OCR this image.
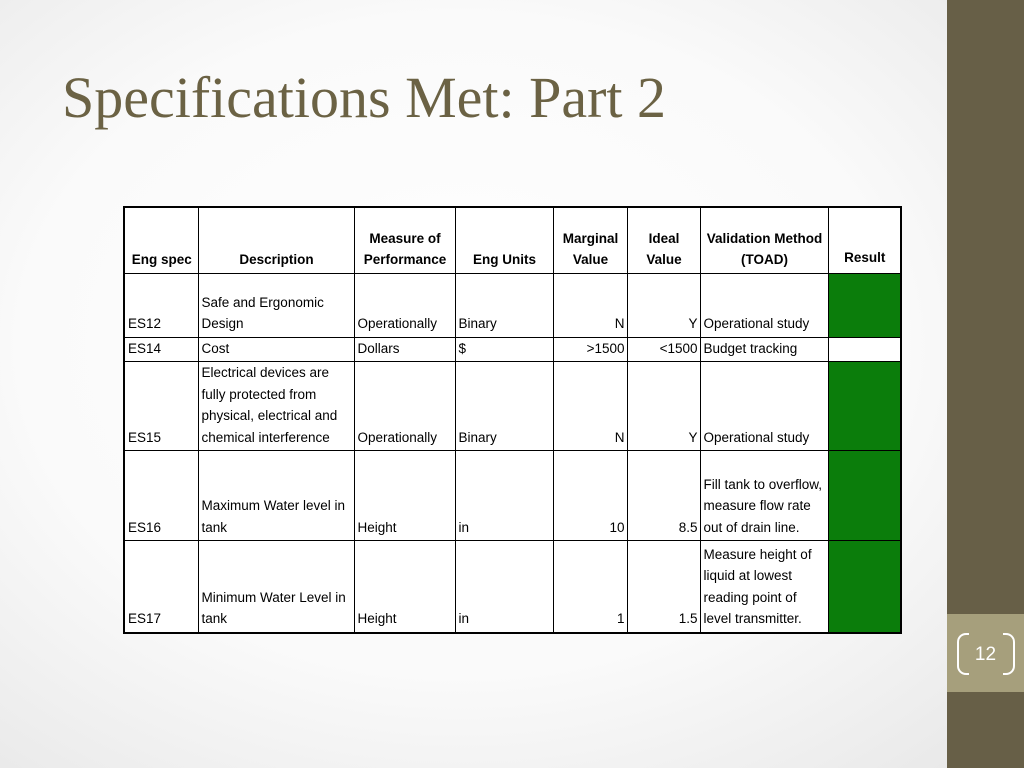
Specifications Met: Part 2
Eng spec	Description	Measure of Performance	Eng Units	Marginal Value	Ideal Value	Validation Method (TOAD)	Result
ES12	Safe and Ergonomic Design	Operationally	Binary	N	Y	Operational study	
ES14	Cost	Dollars	$	>1500	<1500	Budget tracking	
ES15	Electrical devices are fully protected from physical, electrical and chemical interference	Operationally	Binary	N	Y	Operational study	
ES16	Maximum Water level in tank	Height	in	10	8.5	Fill tank to overflow, measure flow rate out of drain line.	
ES17	Minimum Water Level in tank	Height	in	1	1.5	Measure height of liquid at lowest reading point of level transmitter.	
12
